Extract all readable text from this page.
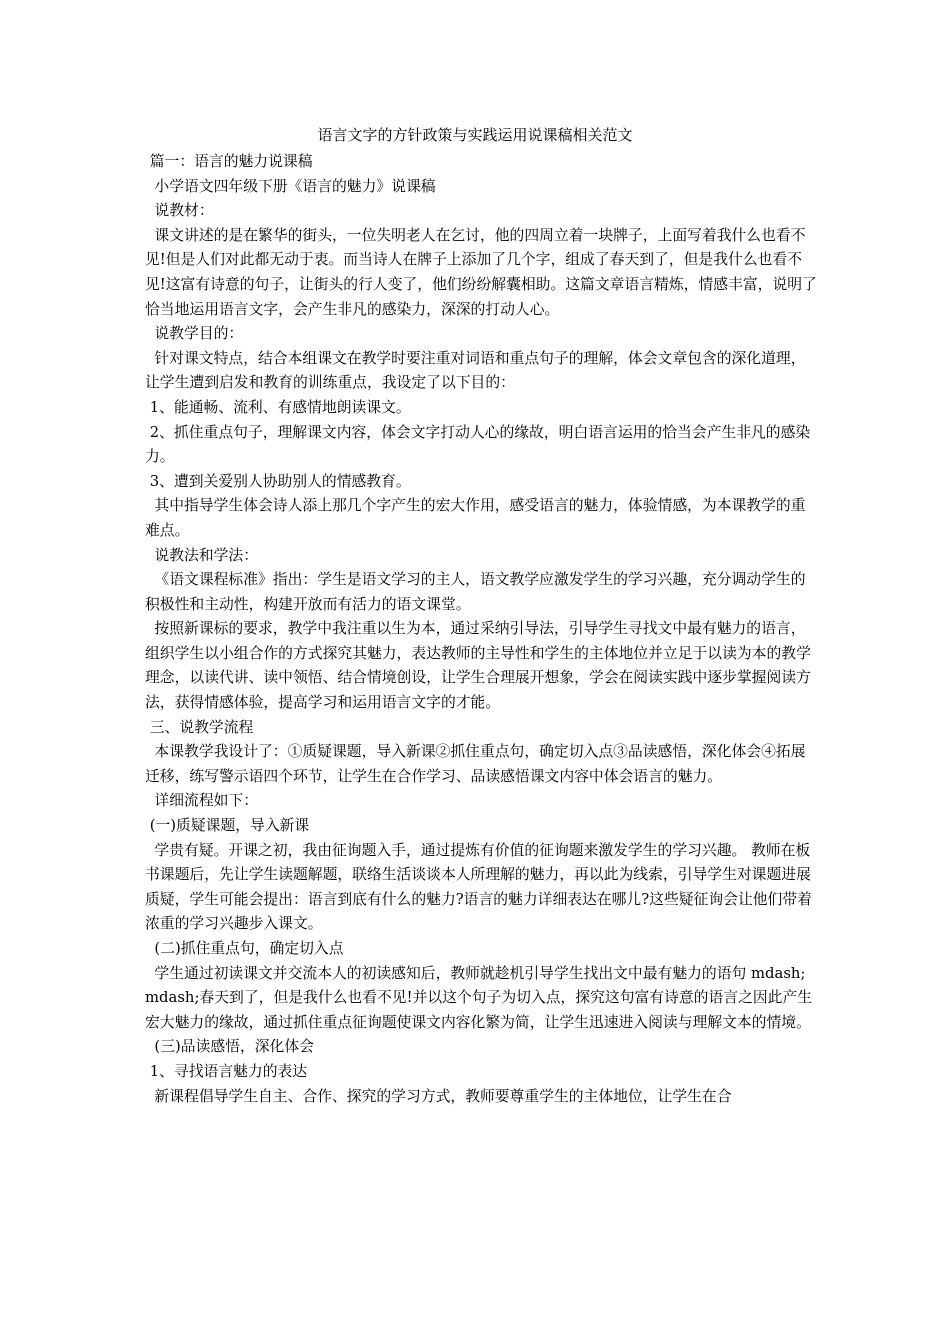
语言文字的方针政策与实践运用说课稿相关范文

篇一：语言的魅力说课稿

小学语文四年级下册《语言的魅力》说课稿

说教材：

课文讲述的是在繁华的街头，一位失明老人在乞讨，他的四周立着一块牌子，上面写着我什么也看不见!但是人们对此都无动于衷。而当诗人在牌子上添加了几个字，组成了春天到了，但是我什么也看不见!这富有诗意的句子，让街头的行人变了，他们纷纷解囊相助。这篇文章语言精炼，情感丰富，说明了恰当地运用语言文字，会产生非凡的感染力，深深的打动人心。

说教学目的：

针对课文特点，结合本组课文在教学时要注重对词语和重点句子的理解，体会文章包含的深化道理，让学生遭到启发和教育的训练重点，我设定了以下目的：

1、能通畅、流利、有感情地朗读课文。

2、抓住重点句子，理解课文内容，体会文字打动人心的缘故，明白语言运用的恰当会产生非凡的感染力。

3、遭到关爱别人协助别人的情感教育。

其中指导学生体会诗人添上那几个字产生的宏大作用，感受语言的魅力，体验情感，为本课教学的重难点。

说教法和学法：

《语文课程标准》指出：学生是语文学习的主人，语文教学应激发学生的学习兴趣，充分调动学生的积极性和主动性，构建开放而有活力的语文课堂。

按照新课标的要求，教学中我注重以生为本，通过采纳引导法，引导学生寻找文中最有魅力的语言，组织学生以小组合作的方式探究其魅力，表达教师的主导性和学生的主体地位并立足于以读为本的教学理念，以读代讲、读中领悟、结合情境创设，让学生合理展开想象，学会在阅读实践中逐步掌握阅读方法，获得情感体验，提高学习和运用语言文字的才能。

三、说教学流程

本课教学我设计了：①质疑课题，导入新课②抓住重点句，确定切入点③品读感悟，深化体会④拓展迁移，练写警示语四个环节，让学生在合作学习、品读感悟课文内容中体会语言的魅力。

详细流程如下：

(一)质疑课题，导入新课

学贵有疑。开课之初，我由征询题入手，通过提炼有价值的征询题来激发学生的学习兴趣。 教师在板书课题后，先让学生读题解题，联络生活谈谈本人所理解的魅力，再以此为线索，引导学生对课题进展质疑，学生可能会提出：语言到底有什么的魅力?语言的魅力详细表达在哪儿?这些疑征询会让他们带着浓重的学习兴趣步入课文。

(二)抓住重点句，确定切入点

学生通过初读课文并交流本人的初读感知后，教师就趁机引导学生找出文中最有魅力的语句 mdash;mdash;春天到了，但是我什么也看不见!并以这个句子为切入点，探究这句富有诗意的语言之因此产生宏大魅力的缘故，通过抓住重点征询题使课文内容化繁为简，让学生迅速进入阅读与理解文本的情境。

(三)品读感悟，深化体会

1、寻找语言魅力的表达

新课程倡导学生自主、合作、探究的学习方式，教师要尊重学生的主体地位，让学生在合
